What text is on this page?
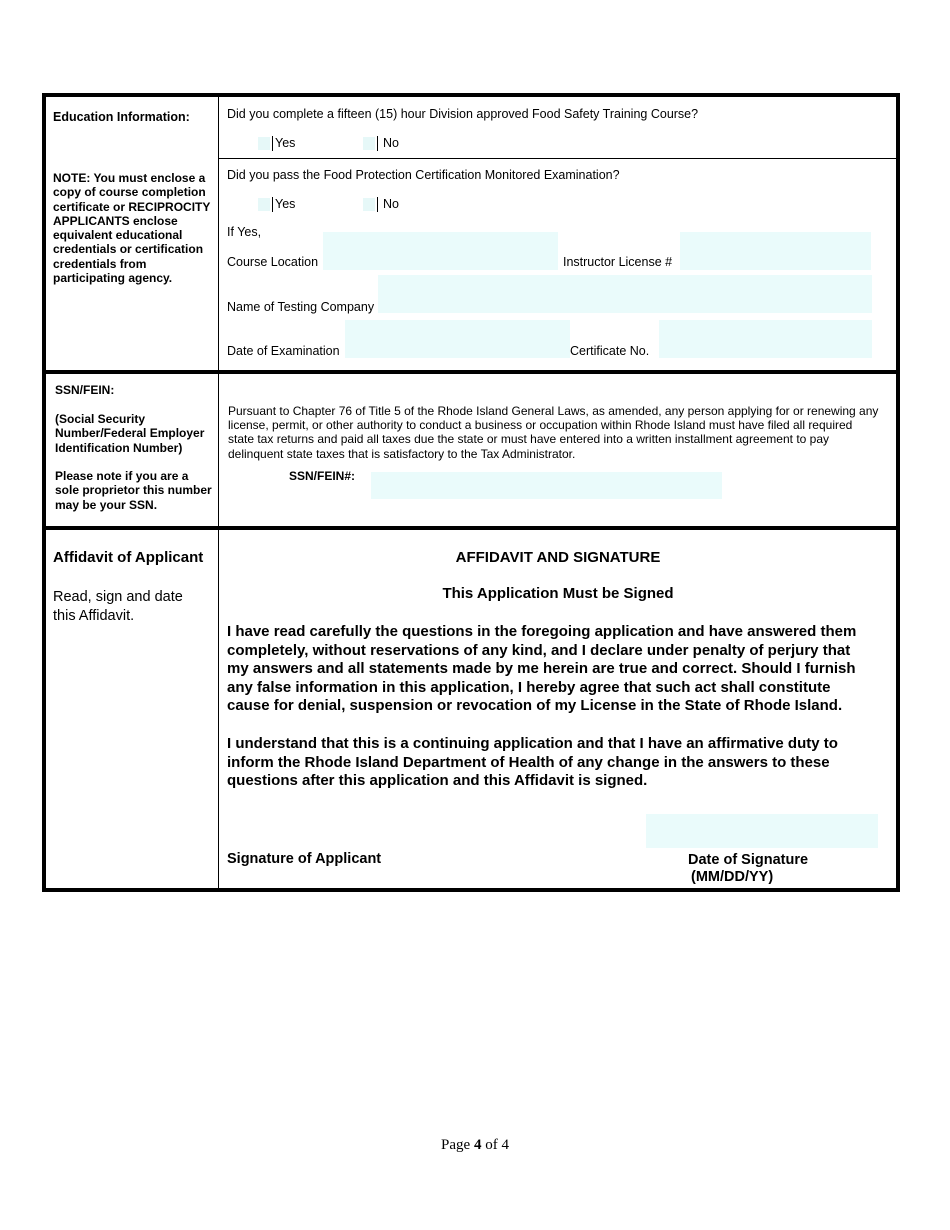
Education Information:
NOTE: You must enclose a copy of course completion certificate or RECIPROCITY APPLICANTS enclose equivalent educational credentials or certification credentials from participating agency.
Did you complete a fifteen (15) hour Division approved Food Safety Training Course?
Yes	No
Did you pass the Food Protection Certification Monitored Examination?
Yes	No
If Yes,
Course Location	Instructor License #
Name of Testing Company
Date of Examination	Certificate No.
SSN/FEIN:
(Social Security Number/Federal Employer Identification Number)
Please note if you are a sole proprietor this number may be your SSN.
Pursuant to Chapter 76 of Title 5 of the Rhode Island General Laws, as amended, any person applying for or renewing any license, permit, or other authority to conduct a business or occupation within Rhode Island must have filed all required state tax returns and paid all taxes due the state or must have entered into a written installment agreement to pay delinquent state taxes that is satisfactory to the Tax Administrator.
SSN/FEIN#:
Affidavit of Applicant
Read, sign and date this Affidavit.
AFFIDAVIT AND SIGNATURE
This Application Must be Signed
I have read carefully the questions in the foregoing application and have answered them completely, without reservations of any kind, and I declare under penalty of perjury that my answers and all statements made by me herein are true and correct. Should I furnish any false information in this application, I hereby agree that such act shall constitute cause for denial, suspension or revocation of my License in the State of Rhode Island.
I understand that this is a continuing application and that I have an affirmative duty to inform the Rhode Island Department of Health of any change in the answers to these questions after this application and this Affidavit is signed.
Signature of Applicant	Date of Signature
(MM/DD/YY)
Page 4 of 4
